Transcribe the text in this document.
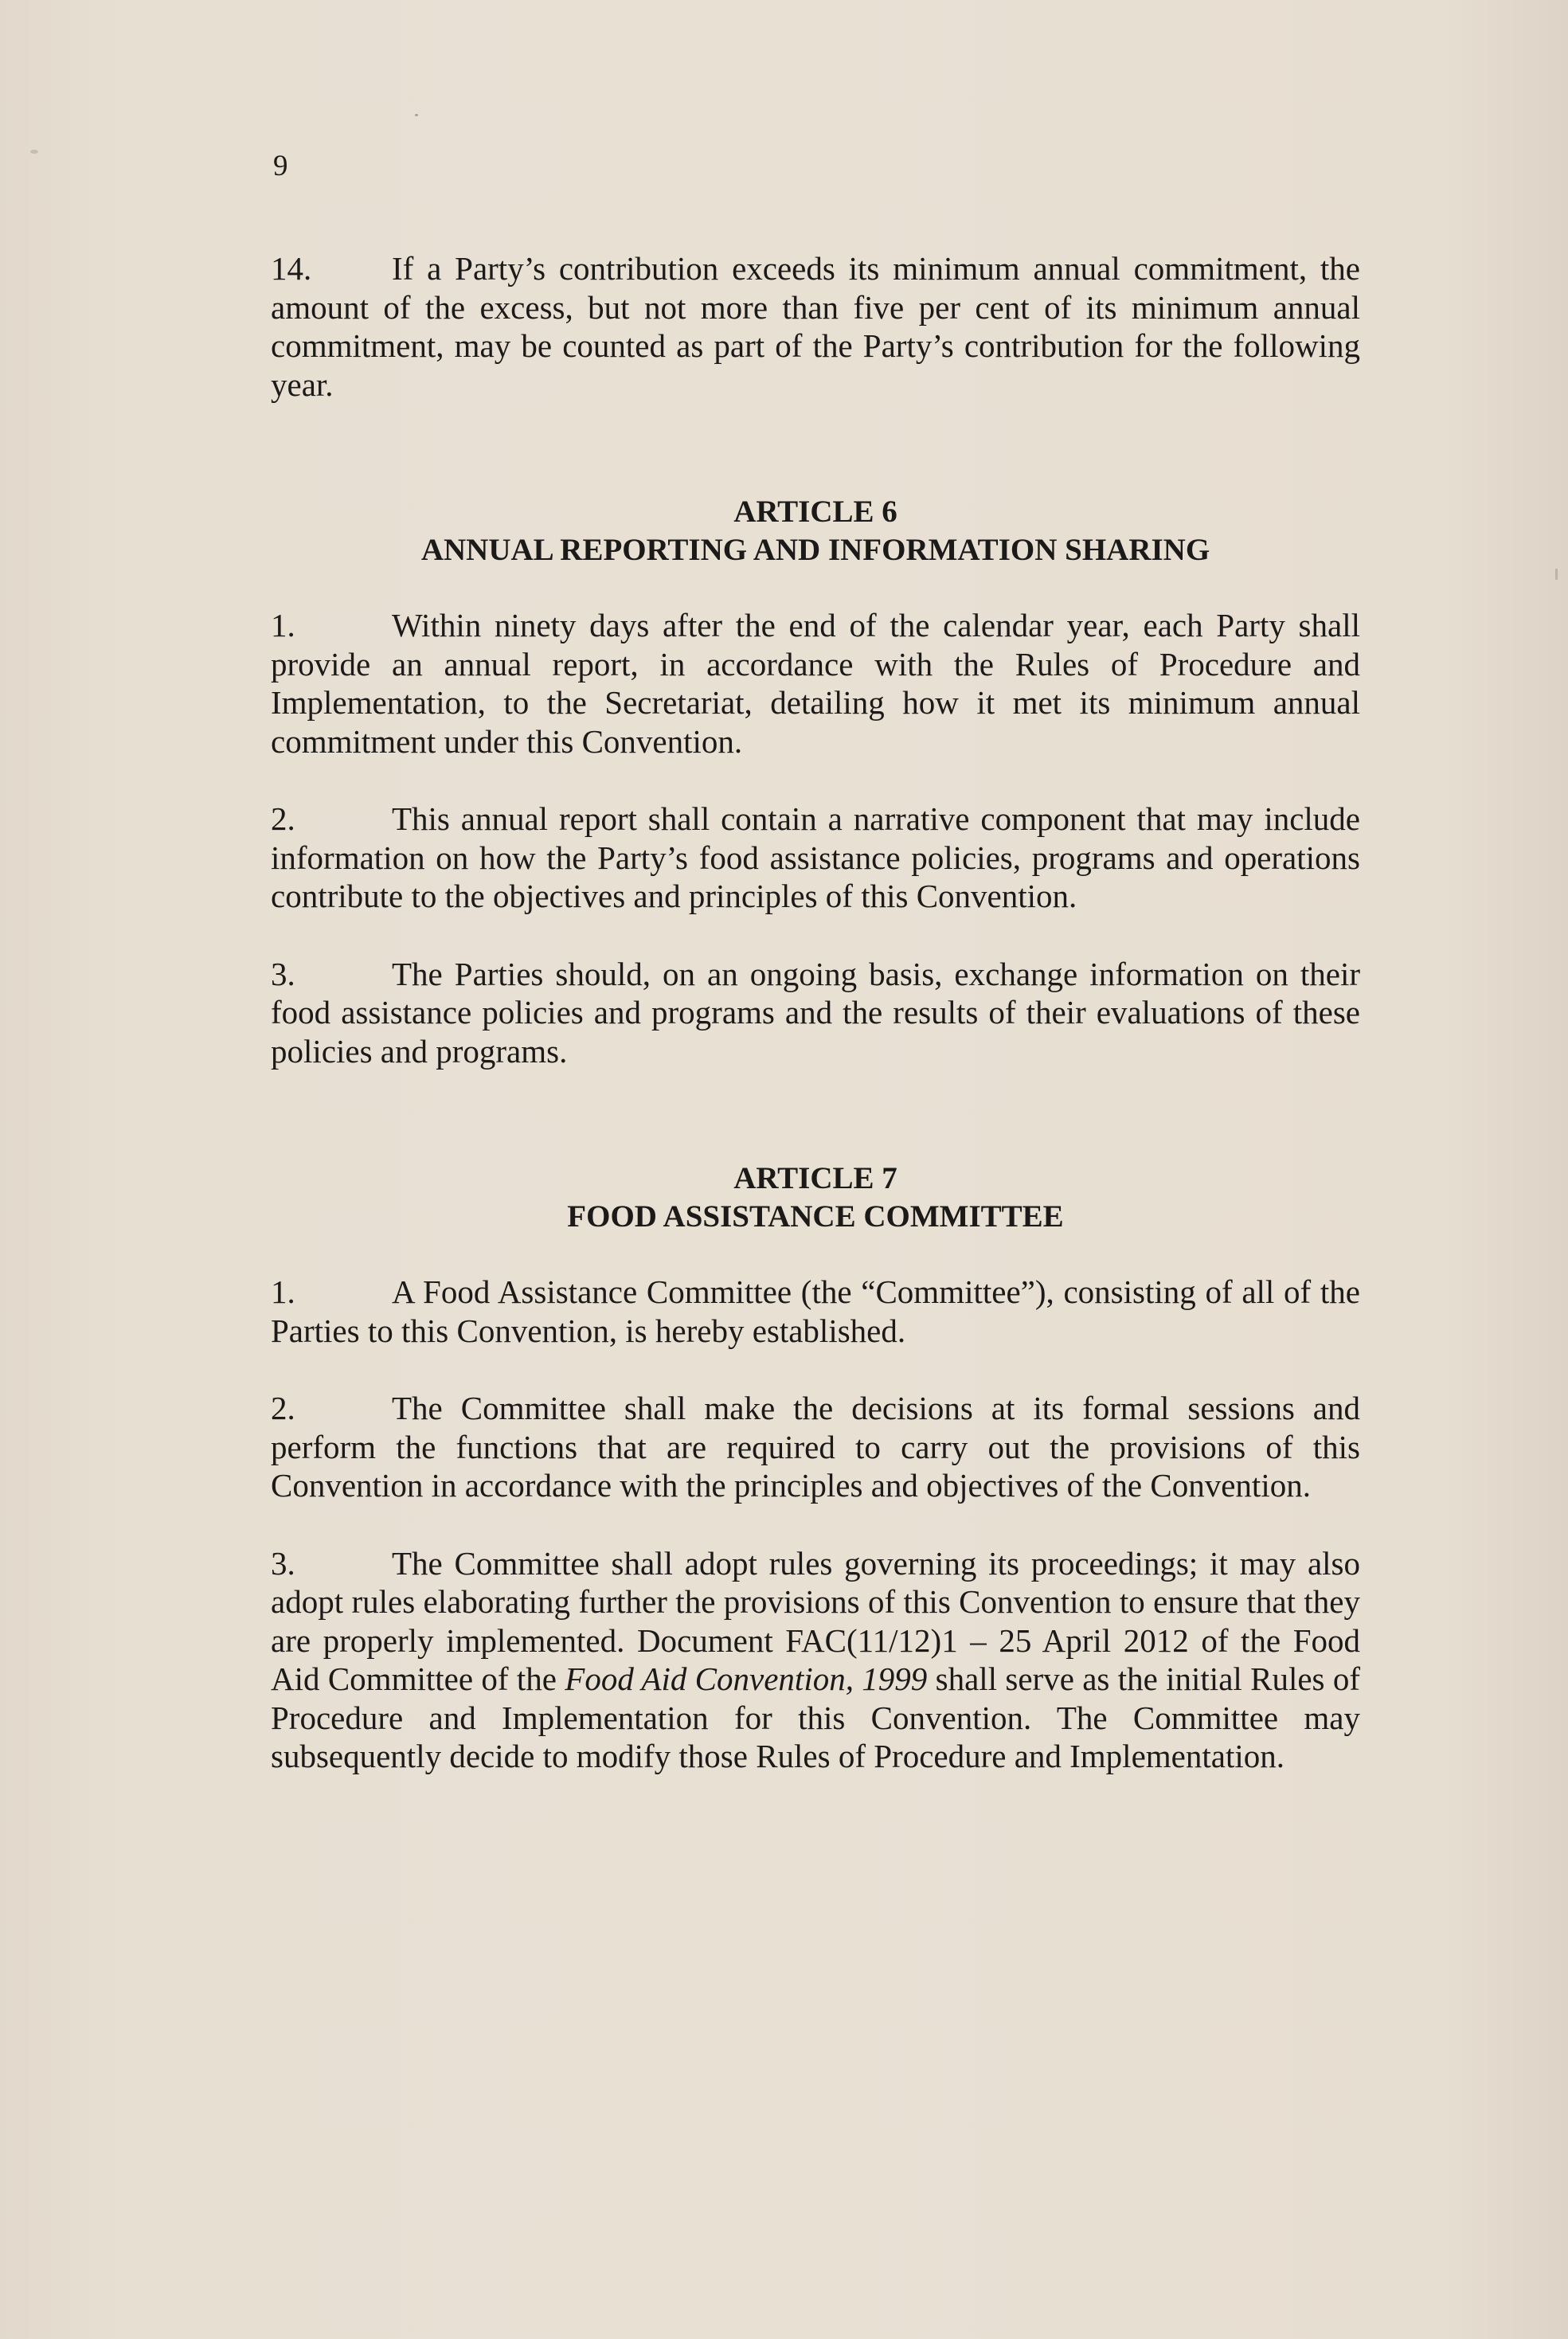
9

14. If a Party’s contribution exceeds its minimum annual commitment, the amount of the excess, but not more than five per cent of its minimum annual commitment, may be counted as part of the Party’s contribution for the following year.

ARTICLE 6

ANNUAL REPORTING AND INFORMATION SHARING

1.	Within ninety days after the end of the calendar year, each Party shall provide an annual report, in accordance with the Rules of Procedure and Implementation, to the Secretariat, detailing how it met its minimum annual commitment under this Convention.

2.	This annual report shall contain a narrative component that may include information on how the Party’s food assistance policies, programs and operations contribute to the objectives and principles of this Convention.

3.	The Parties should, on an ongoing basis, exchange information on their food assistance policies and programs and the results of their evaluations of these policies and programs.

ARTICLE 7

FOOD ASSISTANCE COMMITTEE

1.	A Food Assistance Committee (the “Committee”), consisting of all of the Parties to this Convention, is hereby established.

2.	The Committee shall make the decisions at its formal sessions and perform the functions that are required to carry out the provisions of this Convention in accordance with the principles and objectives of the Convention.

3.	The Committee shall adopt rules governing its proceedings; it may also adopt rules elaborating further the provisions of this Convention to ensure that they are properly implemented. Document FAC(11/12)1 – 25 April 2012 of the Food Aid Committee of the Food Aid Convention, 1999 shall serve as the initial Rules of Procedure and Implementation for this Convention. The Committee may subsequently decide to modify those Rules of Procedure and Implementation.
